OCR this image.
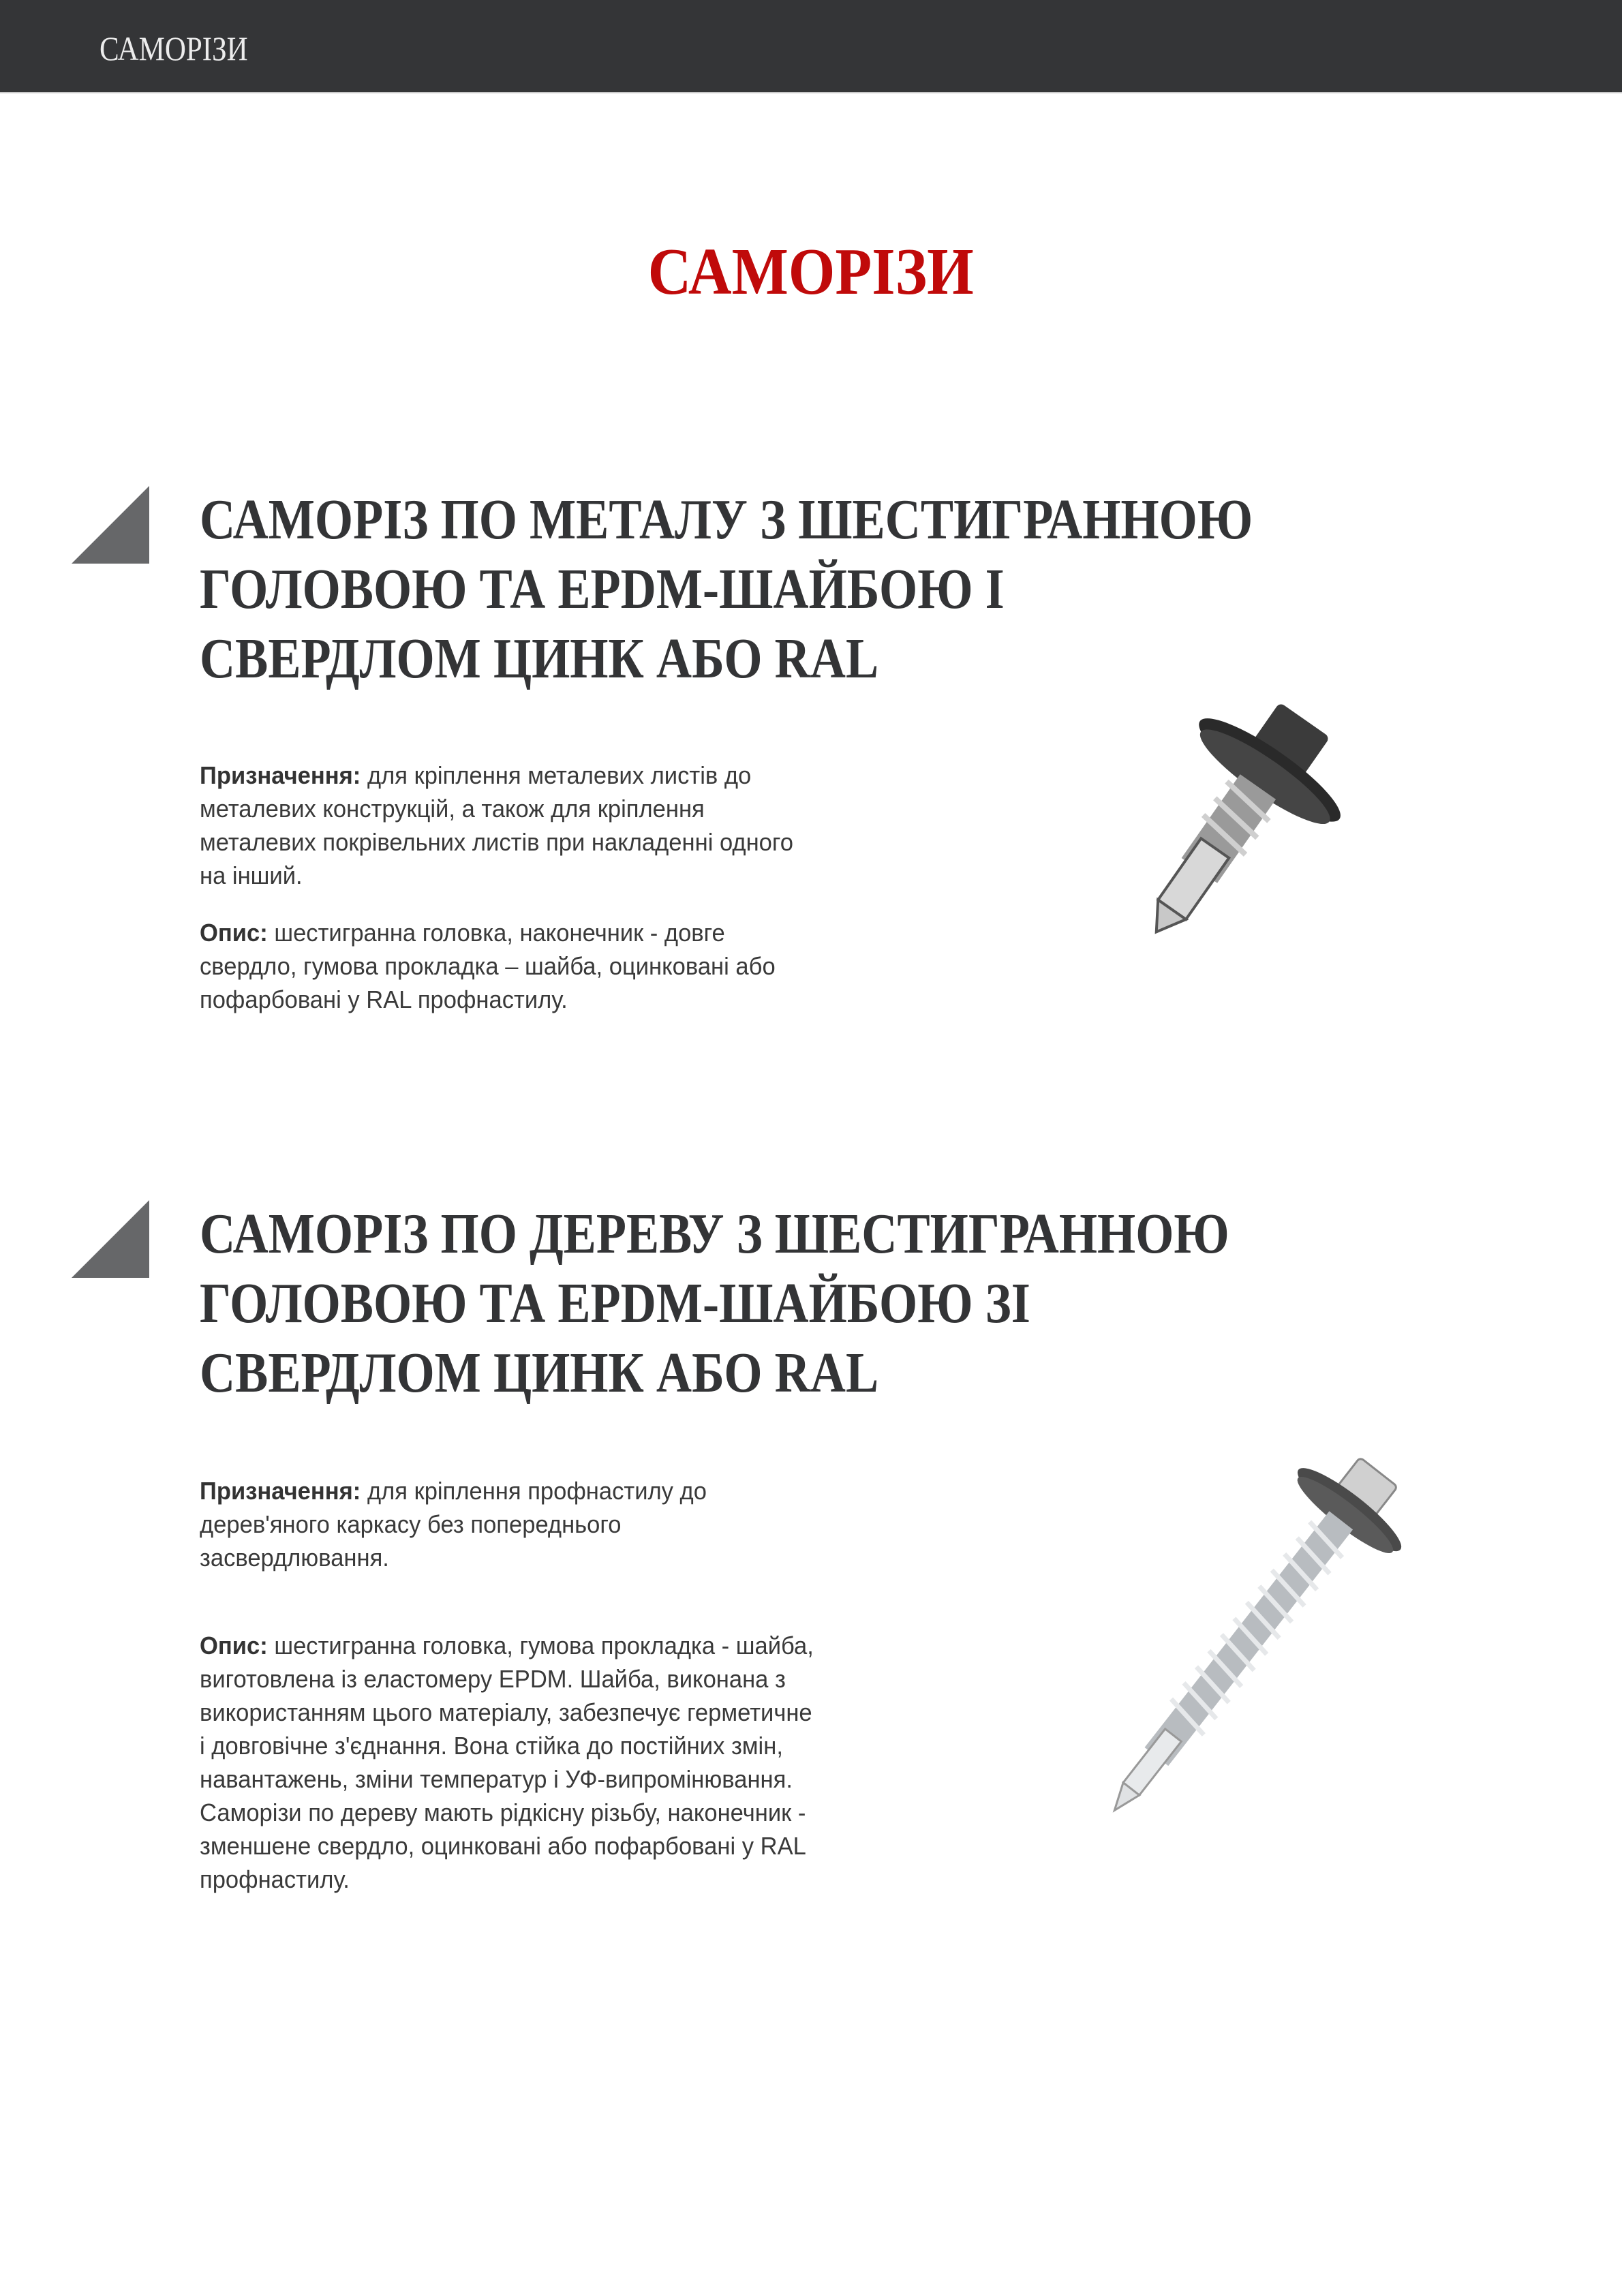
САМОРІЗИ
САМОРІЗИ
САМОРІЗ ПО МЕТАЛУ З ШЕСТИГРАННОЮ
ГОЛОВОЮ ТА EPDM-ШАЙБОЮ І
СВЕРДЛОМ ЦИНК АБО RAL
Призначення: для кріплення металевих листів до
металевих конструкцій, а також для кріплення
металевих покрівельних листів при накладенні одного
на інший.
Опис: шестигранна головка, наконечник - довге
свердло, гумова прокладка – шайба, оцинковані або
пофарбовані у RAL профнастилу.
САМОРІЗ ПО ДЕРЕВУ З ШЕСТИГРАННОЮ
ГОЛОВОЮ ТА EPDM-ШАЙБОЮ ЗІ
СВЕРДЛОМ ЦИНК АБО RAL
Призначення: для кріплення профнастилу до
дерев'яного каркасу без попереднього
засвердлювання.
Опис: шестигранна головка, гумова прокладка - шайба,
виготовлена із еластомеру EPDM. Шайба, виконана з
використанням цього матеріалу, забезпечує герметичне
і довговічне з'єднання. Вона стійка до постійних змін,
навантажень, зміни температур і УФ-випромінювання.
Саморізи по дереву мають рідкісну різьбу, наконечник -
зменшене свердло, оцинковані або пофарбовані у RAL
профнастилу.
